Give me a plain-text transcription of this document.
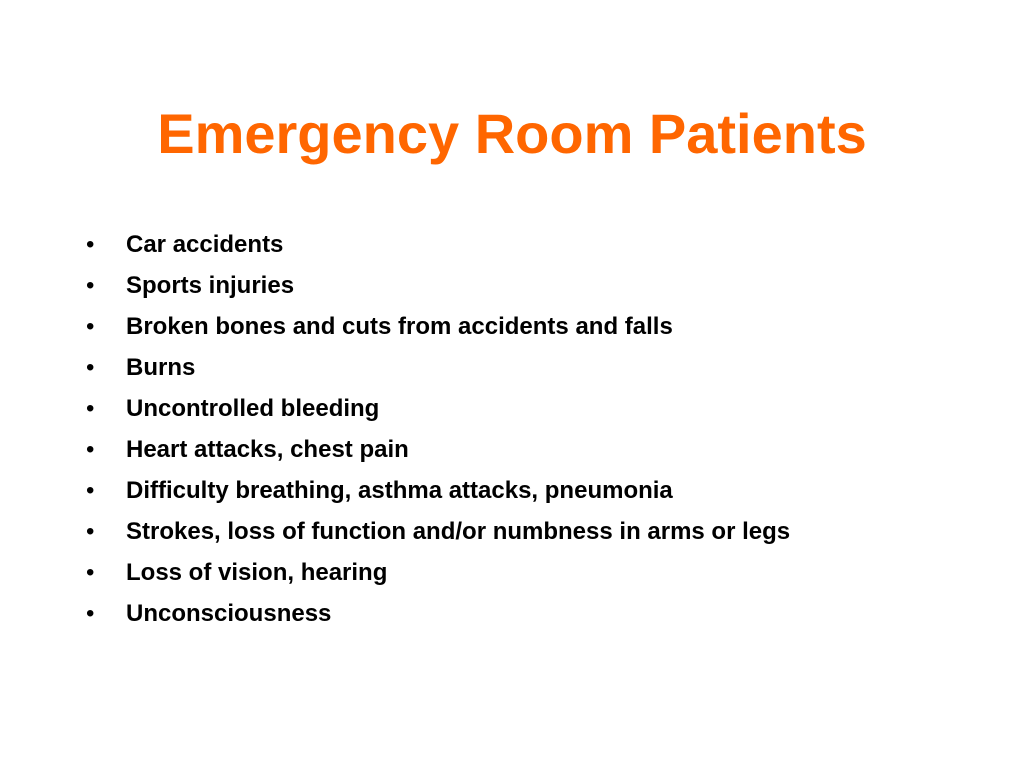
Emergency Room Patients
• Car accidents
• Sports injuries
• Broken bones and cuts from accidents and falls
• Burns
• Uncontrolled bleeding
• Heart attacks, chest pain
• Difficulty breathing, asthma attacks, pneumonia
• Strokes, loss of function and/or numbness in arms or legs
• Loss of vision, hearing
• Unconsciousness
